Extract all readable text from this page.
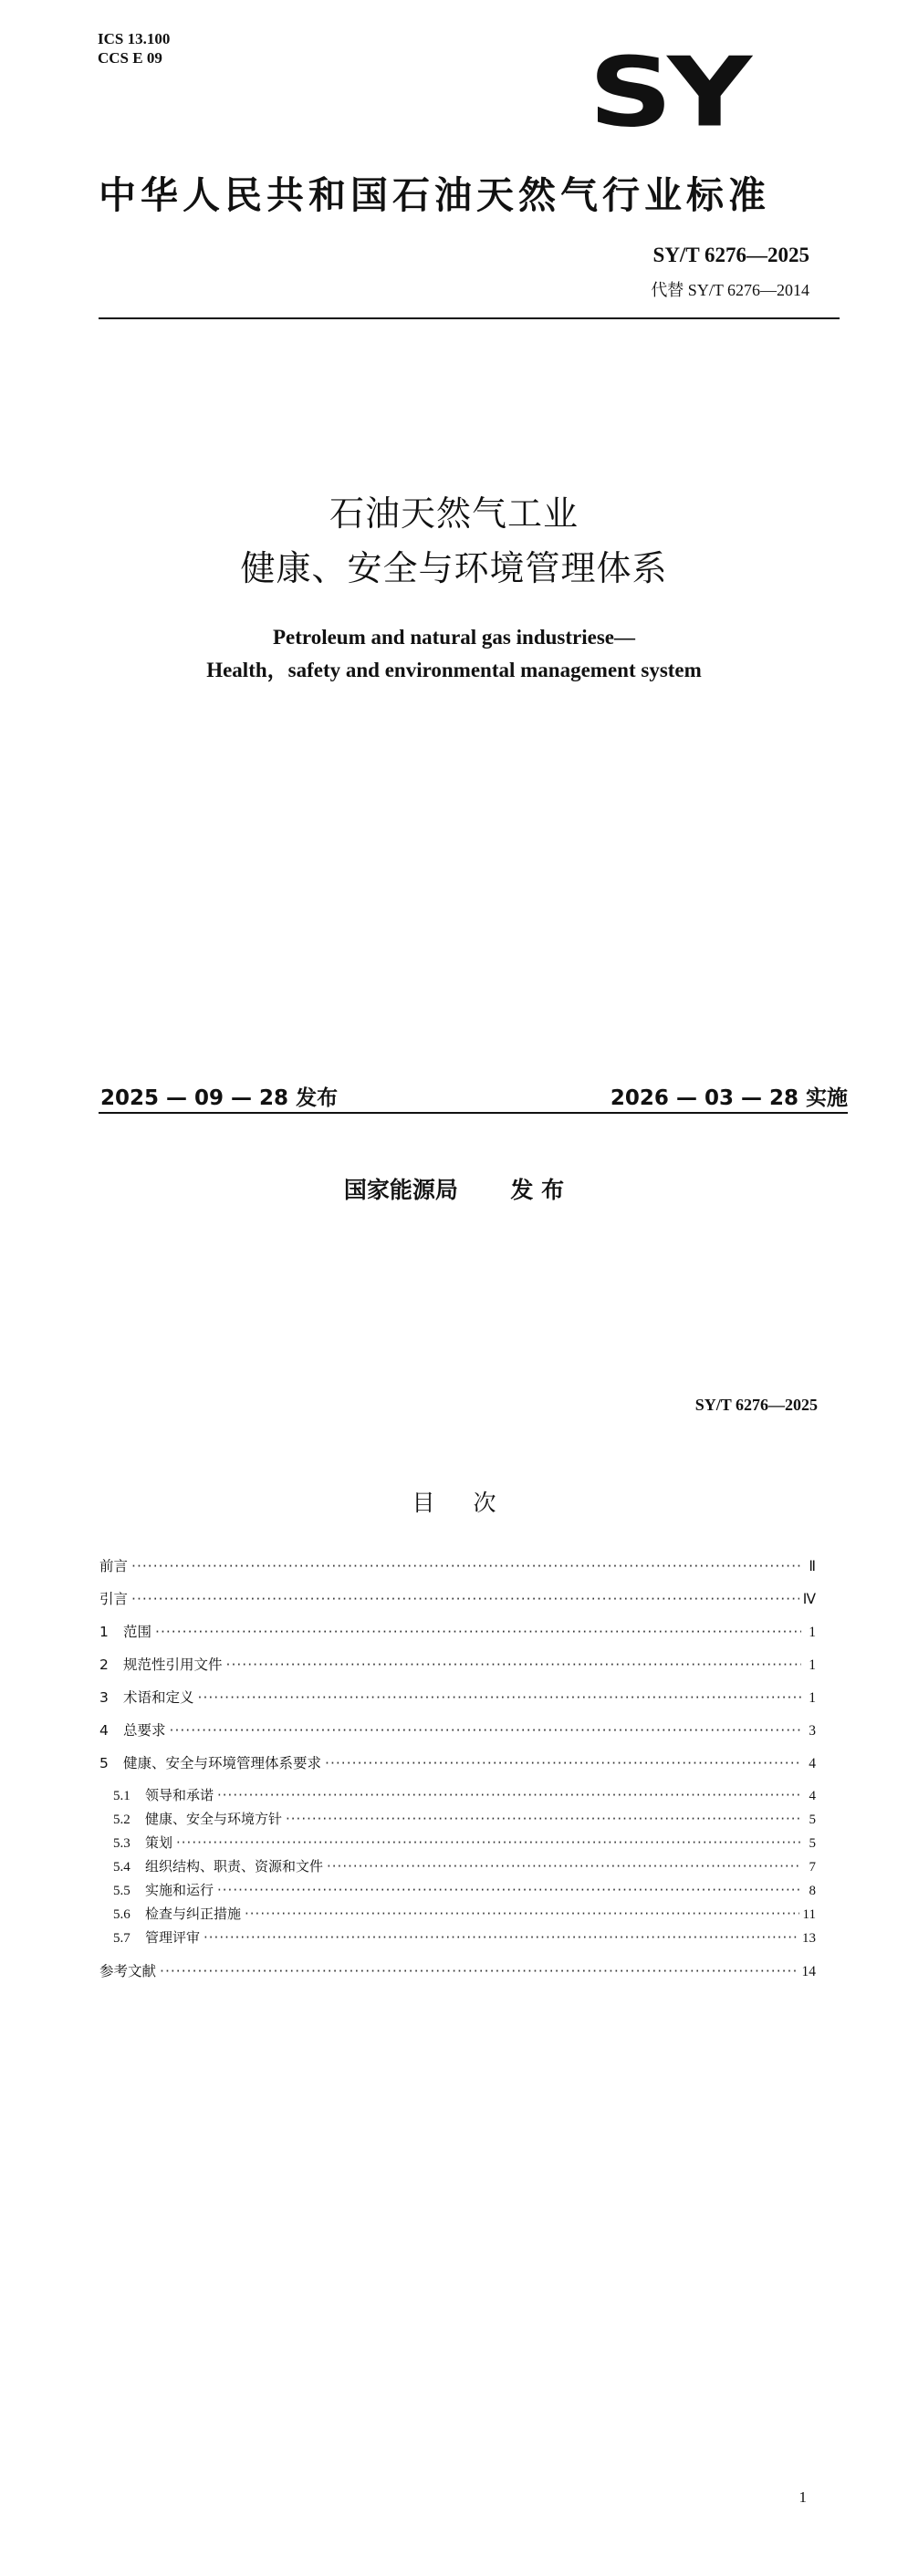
ICS 13.100
CCS E 09	SY
中华人民共和国石油天然气行业标准
SY/T 6276—2025
代替 SY/T 6276—2014
石油天然气工业
健康、安全与环境管理体系
Petroleum and natural gas industriese—
Health，safety and environmental management system
2025 — 09 — 28 发布	2026 — 03 — 28 实施
国家能源局 发 布
SY/T 6276—2025
目次
前言 ·····	Ⅱ
引言 ·····	Ⅳ
1	范围 ·····	1
2	规范性引用文件 ·····	1
3	术语和定义 ·····	1
4	总要求 ·····	3
5	健康、安全与环境管理体系要求 ·····	4
5.1	领导和承诺 ·····	4
5.2	健康、安全与环境方针 ·····	5
5.3	策划 ·····	5
5.4	组织结构、职责、资源和文件 ·····	7
5.5	实施和运行 ·····	8
5.6	检查与纠正措施 ·····	11
5.7	管理评审 ·····	13
参考文献 ·····	14
1
